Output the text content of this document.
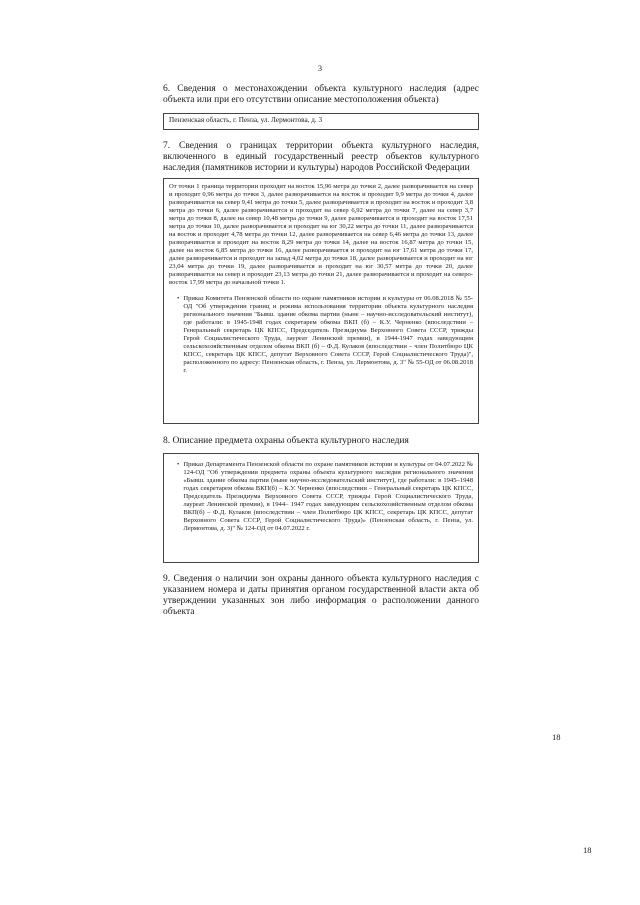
3
6. Сведения о местонахождении объекта культурного наследия (адрес объекта или при его отсутствии описание местоположения объекта)
Пензенская область, г. Пенза, ул. Лермонтова, д. 3
7. Сведения о границах территории объекта культурного наследия, включенного в единый государственный реестр объектов культурного наследия (памятников истории и культуры) народов Российской Федерации
От точки 1 граница территории проходит на восток 15,96 метра до точки 2, далее разворачивается на север и проходит 0,96 метра до точки 3, далее разворачивается на восток и проходит 9,9 метра до точки 4, далее разворачивается на север 9,41 метра до точки 5, далее разворачивается и проходит на восток и проходит 3,8 метра до точки 6, далее разворачивается и проходит на север 6,92 метра до точки 7, далее на север 3,7 метра до точки 8, далее на север 10,48 метра до точки 9, далее разворачивается и проходит на восток 17,51 метра до точки 10, далее разворачивается и проходит на юг 30,22 метра до точки 11, далее разворачивается на восток и проходит 4,78 метра до точки 12, далее разворачивается на север 6,46 метра до точки 13, далее разворачивается и проходит на восток 8,29 метра до точки 14, далее на восток 16,87 метра до точки 15, далее на восток 6,85 метра до точки 16, далее разворачивается и проходит на юг 17,61 метра до точки 17, далее разворачивается и проходит на запад 4,02 метра до точки 18, далее разворачивается и проходит на юг 23,04 метра до точки 19, далее разворачивается и проходит на юг 30,57 метра до точки 20, далее разворачивается на север и проходит 23,13 метра до точки 21, далее разворачивается и проходит на северо-восток 17,99 метра до начальной точки 1.
• Приказ Комитета Пензенской области по охране памятников истории и культуры от 06.08.2018 № 55-ОД "Об утверждении границ и режима использования территории объекта культурного наследия регионального значения "Бывш. здание обкома партии (ныне – научно-исследовательский институт), где работали: в 1945-1948 годах секретарем обкома ВКП (б) – К.У. Черненко (впоследствии – Генеральный секретарь ЦК КПСС, Председатель Президиума Верховного Совета СССР, трижды Герой Социалистического Труда, лауреат Ленинской премии), в 1944-1947 годах заведующим сельскохозяйственным отделом обкома ВКП (б) – Ф.Д. Кулаков (впоследствии – член Политбюро ЦК КПСС, секретарь ЦК КПСС, депутат Верховного Совета СССР, Герой Социалистического Труда)", расположенного по адресу: Пензенская область, г. Пенза, ул. Лермонтова, д. 3" № 55-ОД от 06.08.2018 г.
8. Описание предмета охраны объекта культурного наследия
• Приказ Департамента Пензенской области по охране памятников истории и культуры от 04.07.2022 № 124-ОД "Об утверждении предмета охраны объекта культурного наследия регионального значения «Бывш. здание обкома партии (ныне научно-исследовательский институт), где работали: в 1945–1948 годах секретарем обкома ВКП(б) – К.У. Черненко (впоследствии – Генеральный секретарь ЦК КПСС, Председатель Президиума Верховного Совета СССР, трижды Герой Социалистического Труда, лауреат Ленинской премии), в 1944– 1947 годах заведующим сельскохозяйственным отделом обкома ВКП(б) – Ф.Д. Кулаков (впоследствии – член Политбюро ЦК КПСС, секретарь ЦК КПСС, депутат Верховного Совета СССР, Герой Социалистического Труда)» (Пензенская область, г. Пенза, ул. Лермонтова, д. 3)" № 124-ОД от 04.07.2022 г.
9. Сведения о наличии зон охраны данного объекта культурного наследия с указанием номера и даты принятия органом государственной власти акта об утверждении указанных зон либо информация о расположении данного объекта
18
18
